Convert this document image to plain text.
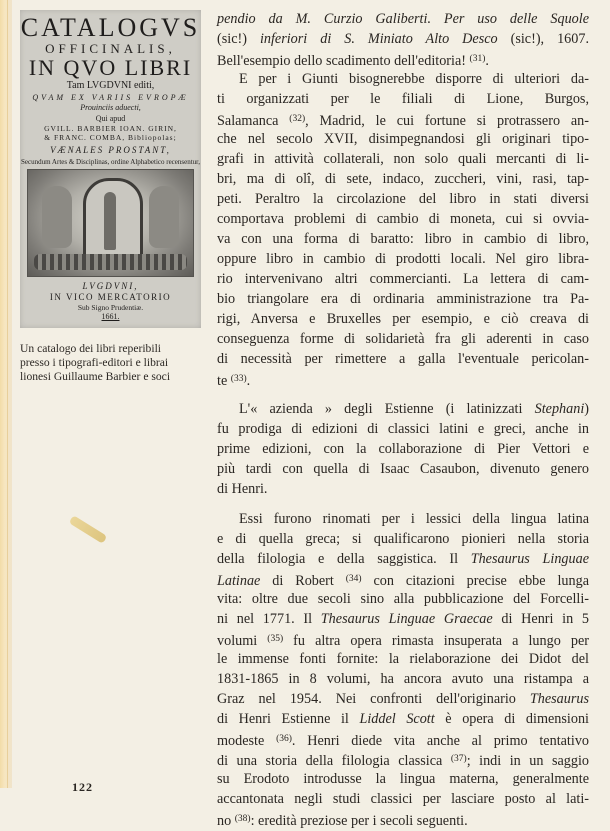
CATALOGVS
OFFICINALIS,
IN QVO LIBRI
Tam LVGDVNI editi,
QVAM EX VARIIS EVROPÆ
Prouinciis aduecti,
Qui apud
GVILL. BARBIER IOAN. GIRIN,
& FRANC. COMBA, Bibliopolas;
VÆNALES PROSTANT,
Secundum Artes & Disciplinas, ordine Alphabetico recensentur,
LVGDVNI,
IN VICO MERCATORIO
Sub Signo Prudentiæ.
1661.
Un catalogo dei libri reperibili
presso i tipografi-editori e librai
lionesi Guillaume Barbier e soci
pendio da M. Curzio Galiberti. Per uso delle Squole
(sic!) inferiori di S. Miniato Alto Desco (sic!), 1607.
Bell'esempio dello scadimento dell'editoria! $^{(31)}$.
E per i Giunti bisognerebbe disporre di ulteriori da-
ti organizzati per le filiali di Lione, Burgos,
Salamanca $^{(32)}$, Madrid, le cui fortune si protrassero an-
che nel secolo XVII, disimpegnandosi gli originari tipo-
grafi in attività collaterali, non solo quali mercanti di li-
bri, ma di olî, di sete, indaco, zuccheri, vini, rasi, tap-
peti. Peraltro la circolazione del libro in stati diversi
comportava problemi di cambio di moneta, cui si ovvia-
va con una forma di baratto: libro in cambio di libro,
oppure libro in cambio di prodotti locali. Nel giro libra-
rio intervenivano altri commercianti. La lettera di cam-
bio triangolare era di ordinaria amministrazione tra Pa-
rigi, Anversa e Bruxelles per esempio, e ciò creava di
conseguenza forme di solidarietà fra gli aderenti in caso
di necessità per rimettere a galla l'eventuale pericolan-
te $^{(33)}$.
L'« azienda » degli Estienne (i latinizzati Stephani)
fu prodiga di edizioni di classici latini e greci, anche in
prime edizioni, con la collaborazione di Pier Vettori e
più tardi con quella di Isaac Casaubon, divenuto genero
di Henri.
Essi furono rinomati per i lessici della lingua latina
e di quella greca; si qualificarono pionieri nella storia
della filologia e della saggistica. Il Thesaurus Linguae
Latinae di Robert $^{(34)}$ con citazioni precise ebbe lunga
vita: oltre due secoli sino alla pubblicazione del Forcelli-
ni nel 1771. Il Thesaurus Linguae Graecae di Henri in 5
volumi $^{(35)}$ fu altra opera rimasta insuperata a lungo per
le immense fonti fornite: la rielaborazione dei Didot del
1831-1865 in 8 volumi, ha ancora avuto una ristampa a
Graz nel 1954. Nei confronti dell'originario Thesaurus
di Henri Estienne il Liddel Scott è opera di dimensioni
modeste $^{(36)}$. Henri diede vita anche al primo tentativo
di una storia della filologia classica $^{(37)}$; indi in un saggio
su Erodoto introdusse la lingua materna, generalmente
accantonata negli studi classici per lasciare posto al lati-
no $^{(38)}$: eredità preziose per i secoli seguenti.
122
